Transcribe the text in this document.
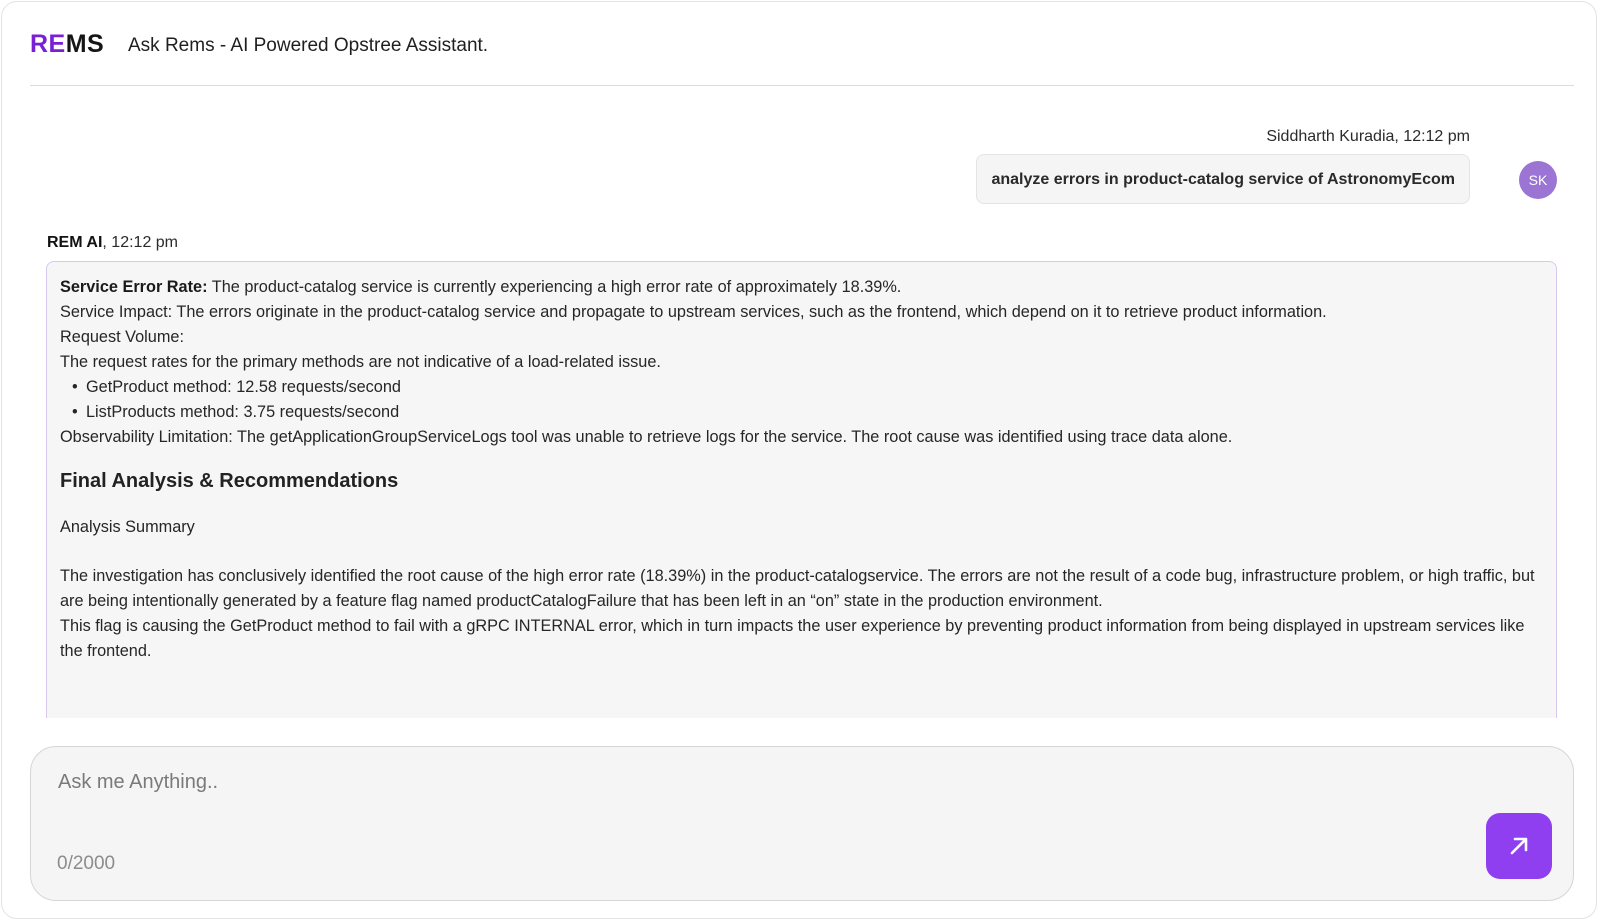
REMS Ask Rems - AI Powered Opstree Assistant.
Siddharth Kuradia, 12:12 pm
analyze errors in product-catalog service of AstronomyEcom	SK
REM AI, 12:12 pm

Service Error Rate: The product-catalog service is currently experiencing a high error rate of approximately 18.39%.

Service Impact: The errors originate in the product-catalog service and propagate to upstream services, such as the frontend, which depend on it to retrieve product information.

Request Volume:

The request rates for the primary methods are not indicative of a load-related issue.

• GetProduct method: 12.58 requests/second
• ListProducts method: 3.75 requests/second

Observability Limitation: The getApplicationGroupServiceLogs tool was unable to retrieve logs for the service. The root cause was identified using trace data alone.

Final Analysis & Recommendations

Analysis Summary

The investigation has conclusively identified the root cause of the high error rate (18.39%) in the product-catalogservice. The errors are not the result of a code bug, infrastructure problem, or high traffic, but are being intentionally generated by a feature flag named productCatalogFailure that has been left in an “on” state in the production environment.

This flag is causing the GetProduct method to fail with a gRPC INTERNAL error, which in turn impacts the user experience by preventing product information from being displayed in upstream services like the frontend.

Ask me Anything..
0/2000
